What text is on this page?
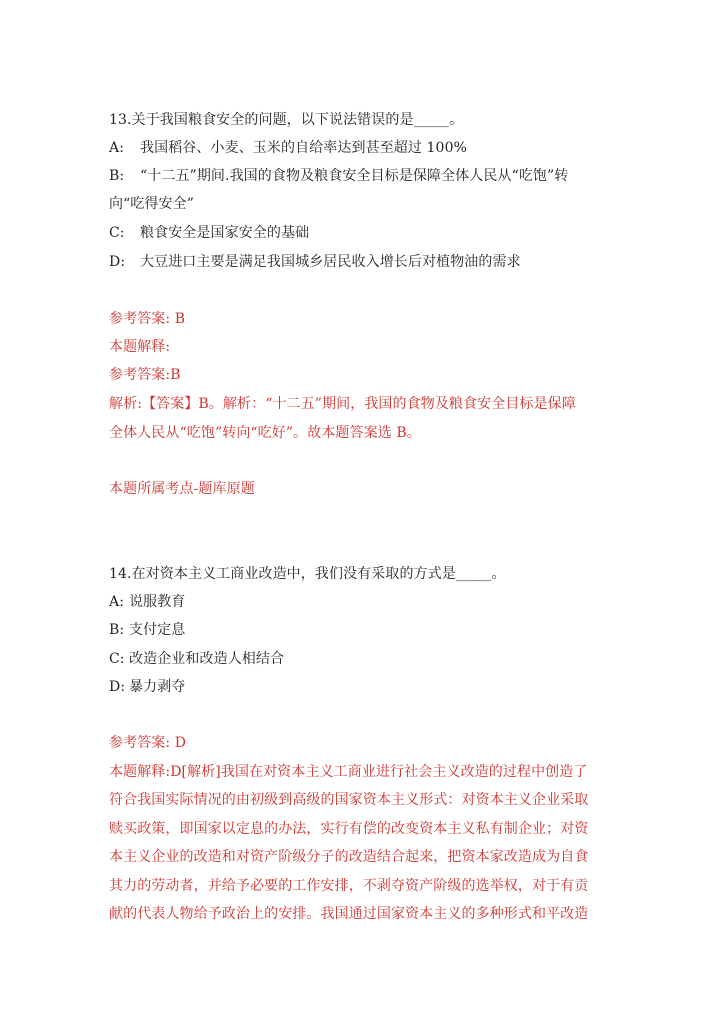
13.关于我国粮食安全的问题，以下说法错误的是_____。
A: 我国稻谷、小麦、玉米的自给率达到甚至超过 100%
B: “十二五”期间.我国的食物及粮食安全目标是保障全体人民从“吃饱”转
向“吃得安全”
C: 粮食安全是国家安全的基础
D: 大豆进口主要是满足我国城乡居民收入增长后对植物油的需求
参考答案: B
本题解释:
参考答案:B
解析:【答案】B。解析：“十二五”期间，我国的食物及粮食安全目标是保障
全体人民从“吃饱”转向“吃好”。故本题答案选 B。
本题所属考点-题库原题
14.在对资本主义工商业改造中，我们没有采取的方式是_____。
A: 说服教育
B: 支付定息
C: 改造企业和改造人相结合
D: 暴力剥夺
参考答案: D
本题解释:D[解析]我国在对资本主义工商业进行社会主义改造的过程中创造了
符合我国实际情况的由初级到高级的国家资本主义形式：对资本主义企业采取
赎买政策，即国家以定息的办法，实行有偿的改变资本主义私有制企业；对资
本主义企业的改造和对资产阶级分子的改造结合起来，把资本家改造成为自食
其力的劳动者，并给予必要的工作安排，不剥夺资产阶级的选举权，对于有贡
献的代表人物给予政治上的安排。我国通过国家资本主义的多种形式和平改造
